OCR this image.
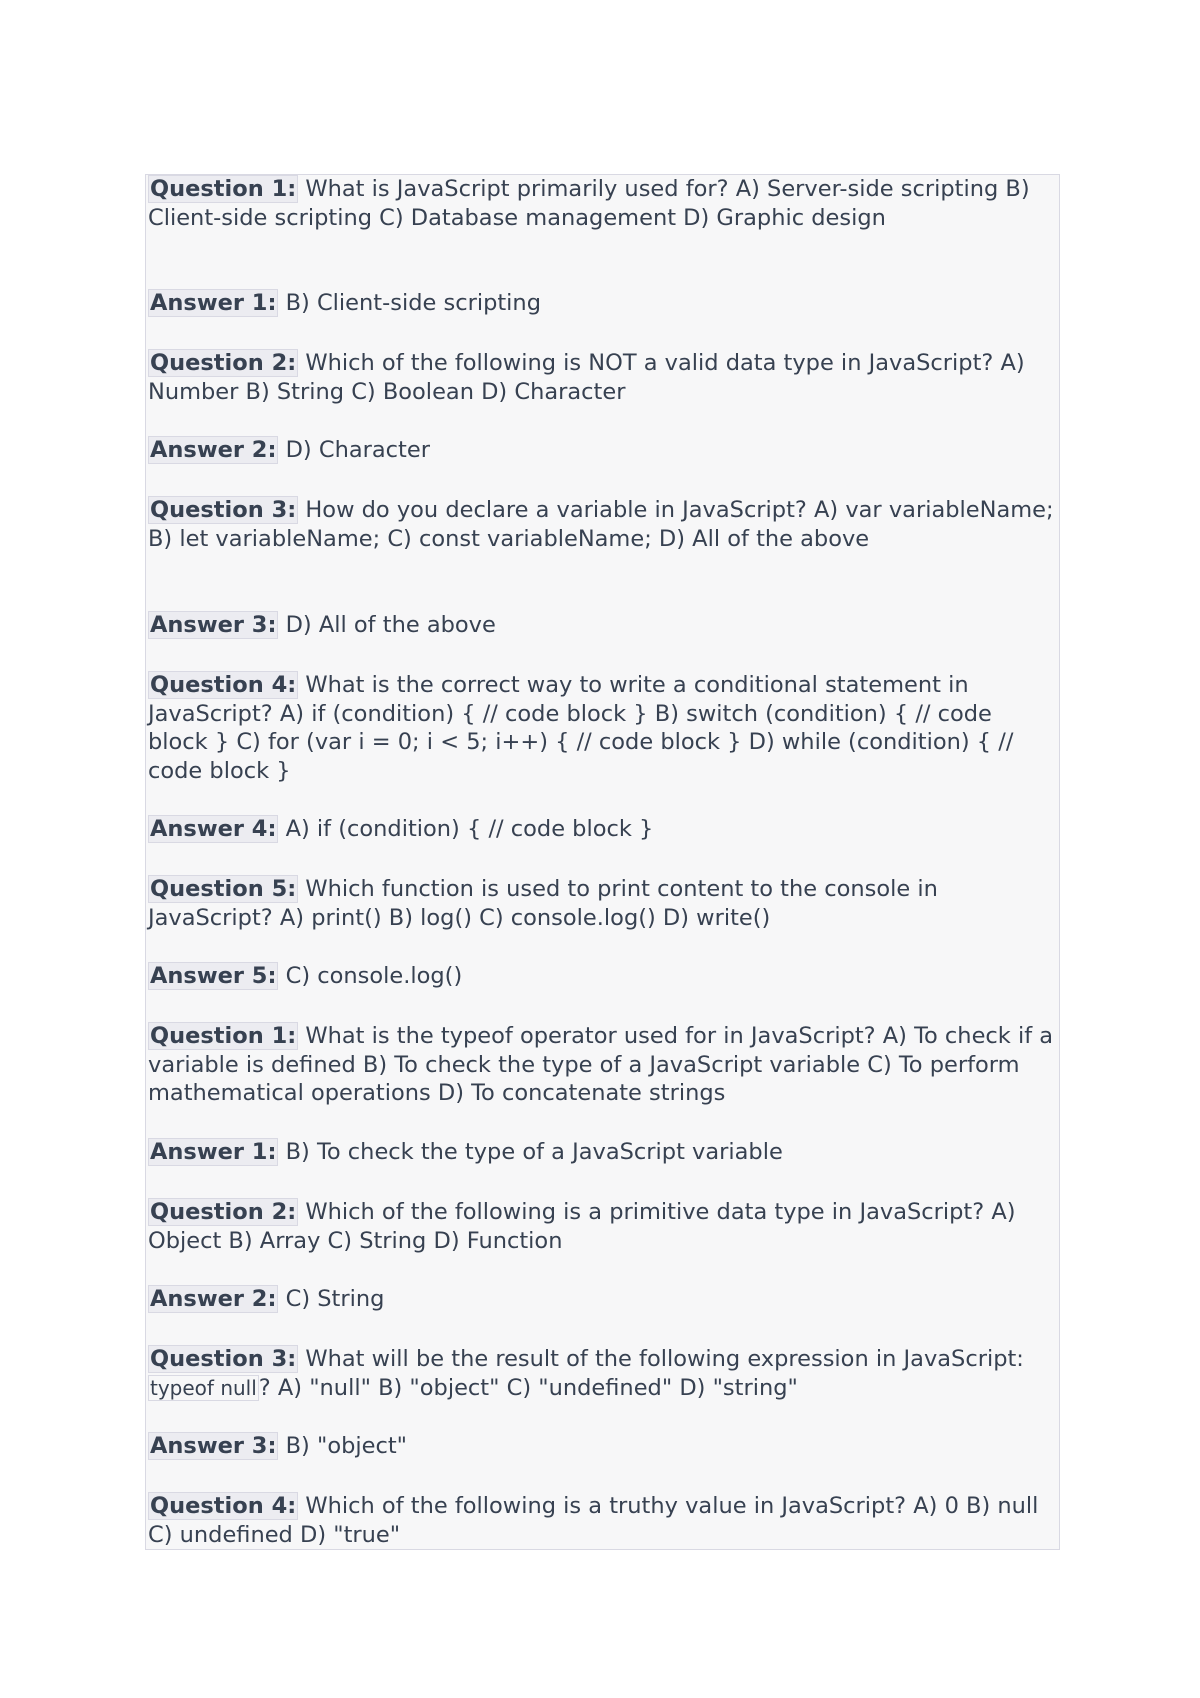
Question 1: What is JavaScript primarily used for? A) Server-side scripting B) Client-side scripting C) Database management D) Graphic design
Answer 1: B) Client-side scripting
Question 2: Which of the following is NOT a valid data type in JavaScript? A) Number B) String C) Boolean D) Character
Answer 2: D) Character
Question 3: How do you declare a variable in JavaScript? A) var variableName; B) let variableName; C) const variableName; D) All of the above
Answer 3: D) All of the above
Question 4: What is the correct way to write a conditional statement in JavaScript? A) if (condition) { // code block } B) switch (condition) { // code block } C) for (var i = 0; i < 5; i++) { // code block } D) while (condition) { // code block }
Answer 4: A) if (condition) { // code block }
Question 5: Which function is used to print content to the console in JavaScript? A) print() B) log() C) console.log() D) write()
Answer 5: C) console.log()
Question 1: What is the typeof operator used for in JavaScript? A) To check if a variable is defined B) To check the type of a JavaScript variable C) To perform mathematical operations D) To concatenate strings
Answer 1: B) To check the type of a JavaScript variable
Question 2: Which of the following is a primitive data type in JavaScript? A) Object B) Array C) String D) Function
Answer 2: C) String
Question 3: What will be the result of the following expression in JavaScript: typeof null? A) "null" B) "object" C) "undefined" D) "string"
Answer 3: B) "object"
Question 4: Which of the following is a truthy value in JavaScript? A) 0 B) null C) undefined D) "true"
